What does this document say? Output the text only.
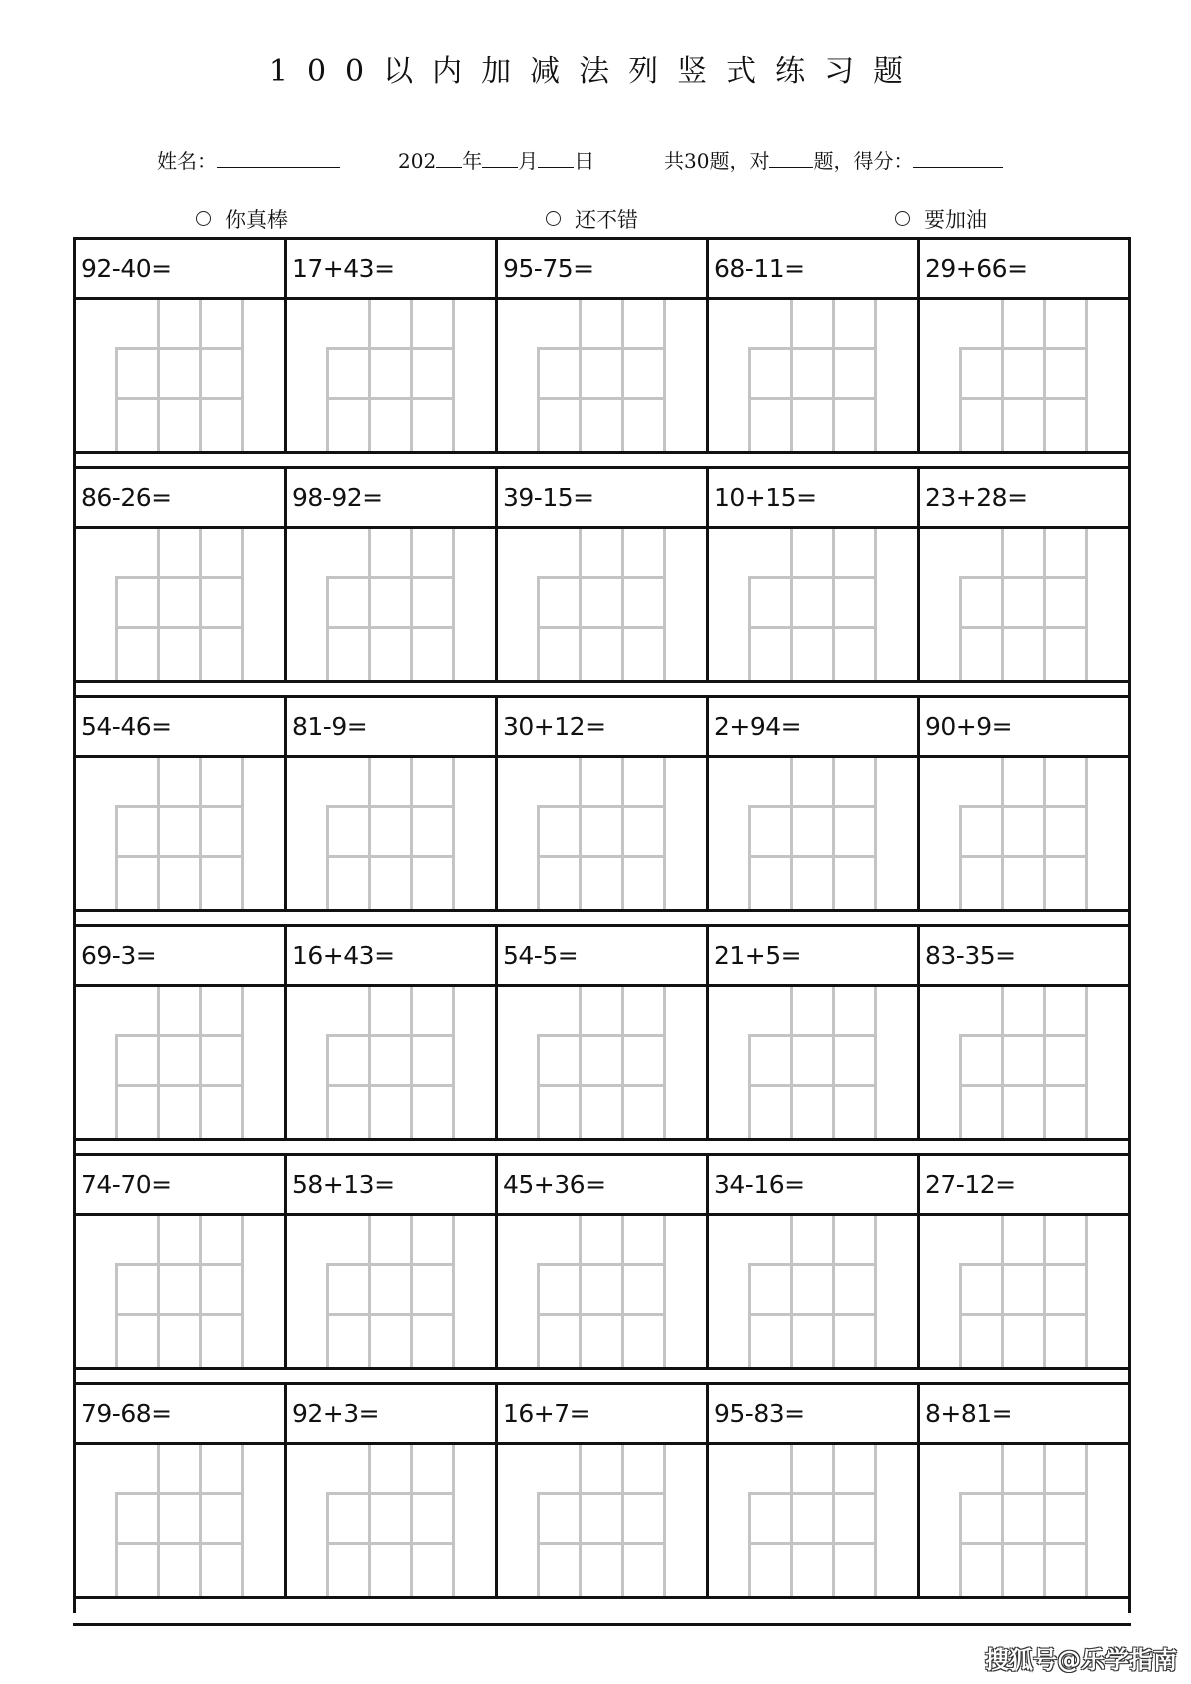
100以内加减法列竖式练习题
姓名：	202 年 月 日	共30题，对 题，得分：
你真棒	还不错	要加油
92-40=	17+43=	95-75=	68-11=	29+66=
86-26=	98-92=	39-15=	10+15=	23+28=
54-46=	81-9=	30+12=	2+94=	90+9=
69-3=	16+43=	54-5=	21+5=	83-35=
74-70=	58+13=	45+36=	34-16=	27-12=
79-68=	92+3=	16+7=	95-83=	8+81=
搜狐号@乐学指南
